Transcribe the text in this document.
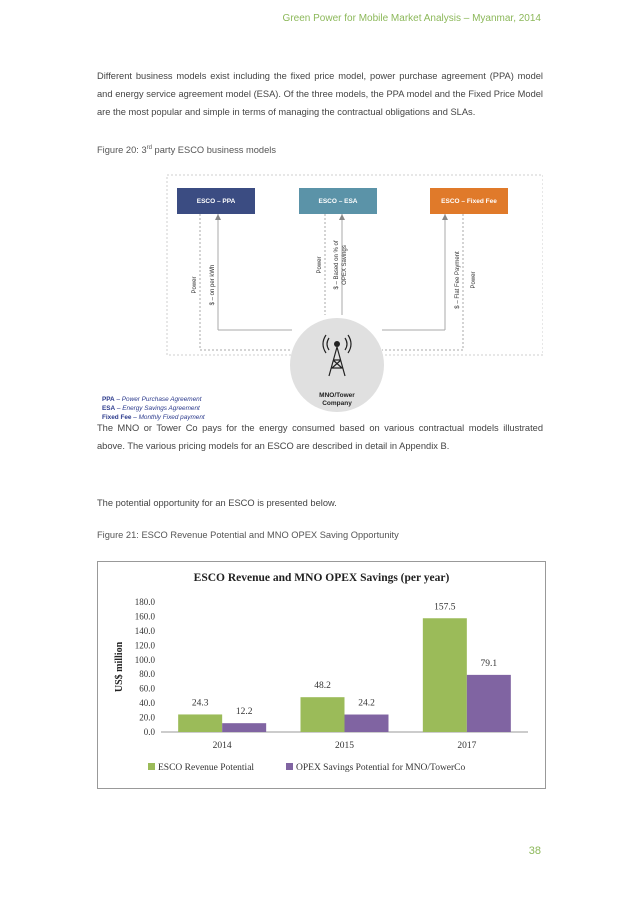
Green Power for Mobile Market Analysis – Myanmar, 2014

Different business models exist including the fixed price model, power purchase agreement (PPA) model and energy service agreement model (ESA). Of the three models, the PPA model and the Fixed Price Model are the most popular and simple in terms of managing the contractual obligations and SLAs.

Figure 20: 3rd party ESCO business models
ESCO – PPA	ESCO – ESA	ESCO – Fixed Fee
Power $ – on per kWh	Power $ – Based on % of OPEX Savings	$ – Flat Fee Payment Power
MNO/Tower
Company
PPA – Power Purchase Agreement
ESA – Energy Savings Agreement
Fixed Fee – Monthly Fixed payment

The MNO or Tower Co pays for the energy consumed based on various contractual models illustrated above. The various pricing models for an ESCO are described in detail in Appendix B.

The potential opportunity for an ESCO is presented below.

Figure 21: ESCO Revenue Potential and MNO OPEX Saving Opportunity
ESCO Revenue and MNO OPEX Savings (per year)
0.0
20.0
40.0
60.0
80.0
100.0
120.0
140.0
160.0
180.0
US$ million
24.3
12.2
2014
48.2
24.2
2015
157.5
79.1
2017
ESCO Revenue Potential	OPEX Savings Potential for MNO/TowerCo
38
